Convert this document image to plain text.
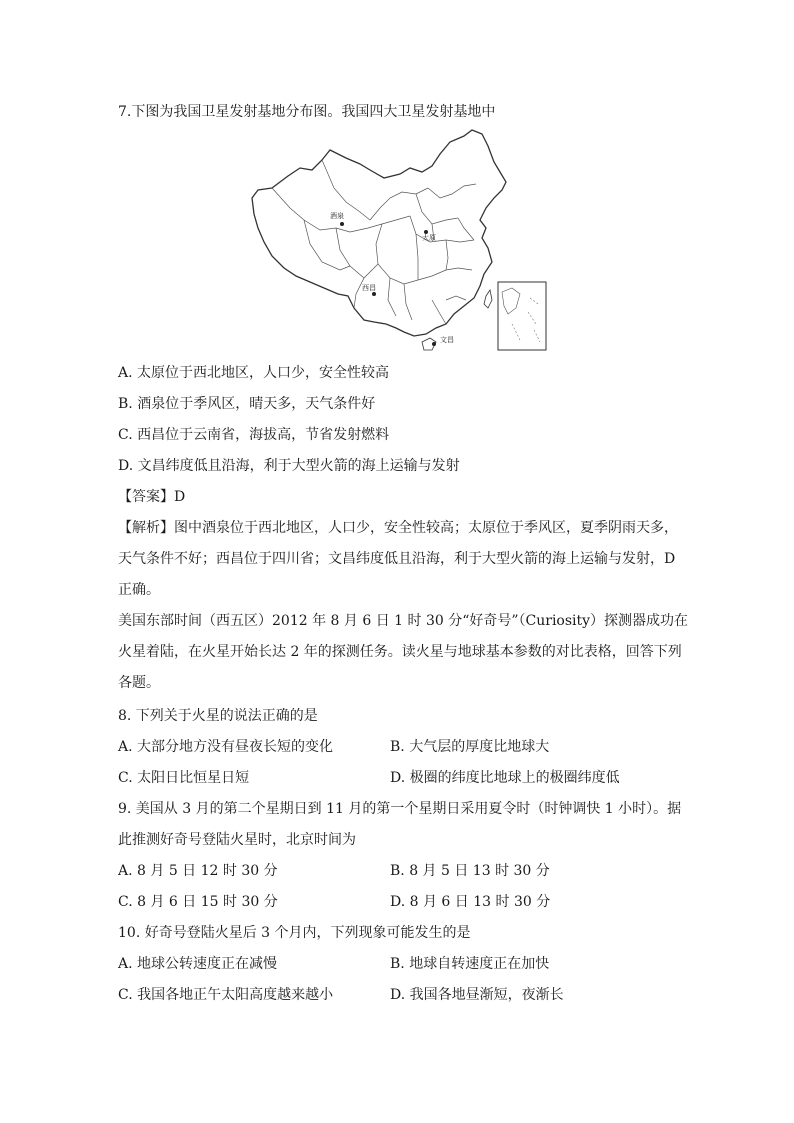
7.下图为我国卫星发射基地分布图。我国四大卫星发射基地中
酒泉
太原
西昌
文昌
A. 太原位于西北地区，人口少，安全性较高
B. 酒泉位于季风区，晴天多，天气条件好
C. 西昌位于云南省，海拔高，节省发射燃料
D. 文昌纬度低且沿海，利于大型火箭的海上运输与发射
【答案】D
【解析】图中酒泉位于西北地区，人口少，安全性较高；太原位于季风区，夏季阴雨天多，
天气条件不好；西昌位于四川省；文昌纬度低且沿海，利于大型火箭的海上运输与发射，D
正确。
美国东部时间（西五区）2012 年 8 月 6 日 1 时 30 分“好奇号”（Curiosity）探测器成功在
火星着陆，在火星开始长达 2 年的探测任务。读火星与地球基本参数的对比表格，回答下列
各题。
8. 下列关于火星的说法正确的是
A. 大部分地方没有昼夜长短的变化	B. 大气层的厚度比地球大
C. 太阳日比恒星日短	D. 极圈的纬度比地球上的极圈纬度低
9. 美国从 3 月的第二个星期日到 11 月的第一个星期日采用夏令时（时钟调快 1 小时）。据
此推测好奇号登陆火星时，北京时间为
A. 8 月 5 日 12 时 30 分	B. 8 月 5 日 13 时 30 分
C. 8 月 6 日 15 时 30 分	D. 8 月 6 日 13 时 30 分
10. 好奇号登陆火星后 3 个月内，下列现象可能发生的是
A. 地球公转速度正在减慢	B. 地球自转速度正在加快
C. 我国各地正午太阳高度越来越小	D. 我国各地昼渐短，夜渐长
